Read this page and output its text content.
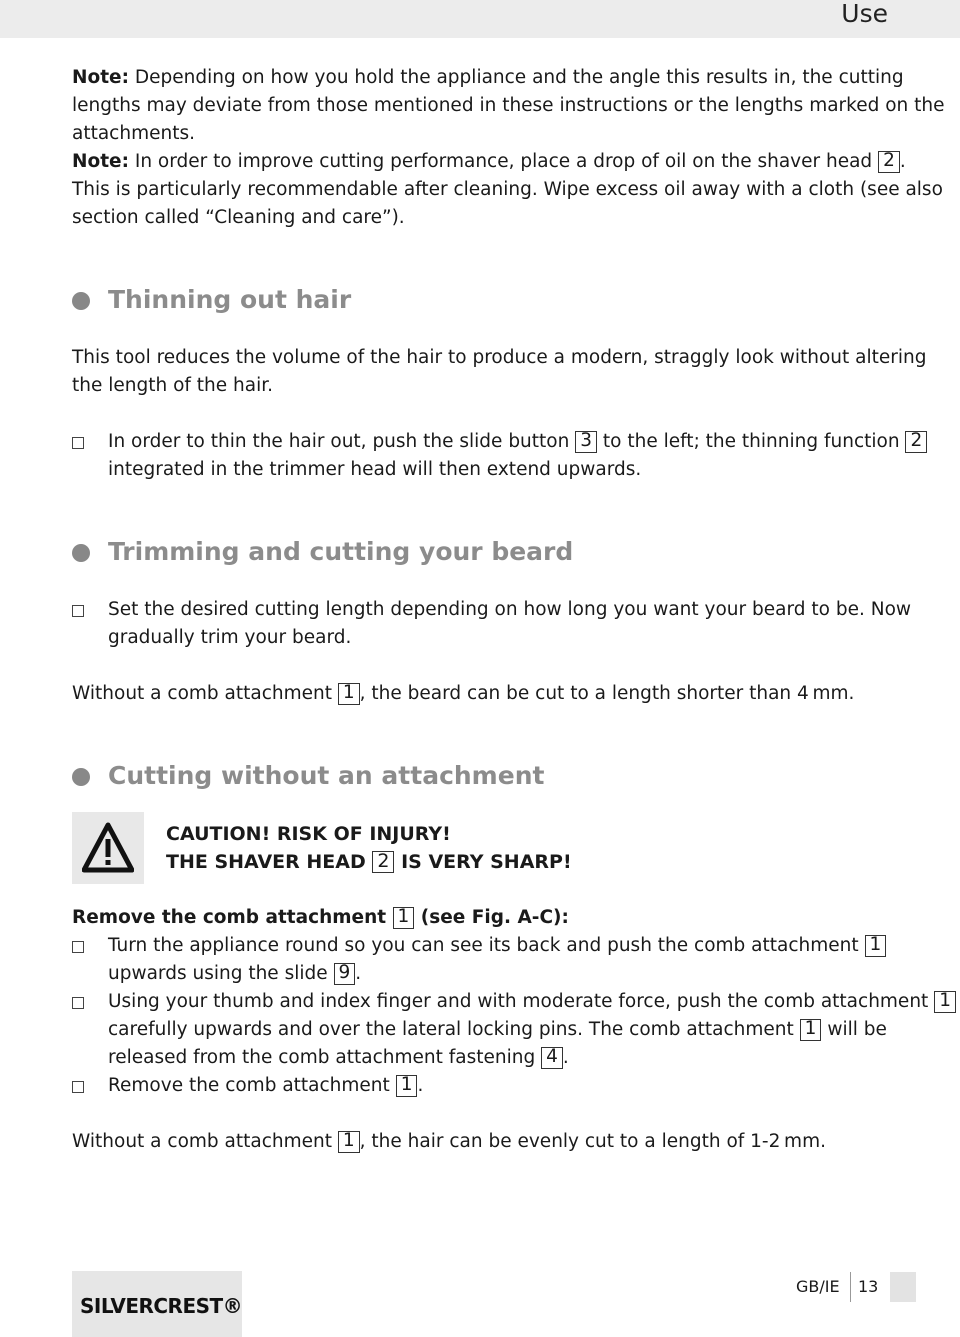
Use

Note: Depending on how you hold the appliance and the angle this results in, the cutting

lengths may deviate from those mentioned in these instructions or the lengths marked on the

attachments.

Note: In order to improve cutting performance, place a drop of oil on the shaver head 2 .

This is particularly recommendable after cleaning. Wipe excess oil away with a cloth (see also

section called “Cleaning and care”).

Thinning out hair

This tool reduces the volume of the hair to produce a modern, straggly look without altering

the length of the hair.

In order to thin the hair out, push the slide button 3 to the left; the thinning function 2

integrated in the trimmer head will then extend upwards.

Trimming and cutting your beard

Set the desired cutting length depending on how long you want your beard to be. Now

gradually trim your beard.

Without a comb attachment 1 , the beard can be cut to a length shorter than 4 mm.

Cutting without an attachment

CAUTION! RISK OF INJURY!

THE SHAVER HEAD 2 IS VERY SHARP!

Remove the comb attachment 1 (see Fig. A-C):

Turn the appliance round so you can see its back and push the comb attachment 1

upwards using the slide 9 .

Using your thumb and index finger and with moderate force, push the comb attachment 1

carefully upwards and over the lateral locking pins. The comb attachment 1 will be

released from the comb attachment fastening 4 .

Remove the comb attachment 1 .

Without a comb attachment 1 , the hair can be evenly cut to a length of 1-2 mm.

SILVERCREST®
GB/IE 13
